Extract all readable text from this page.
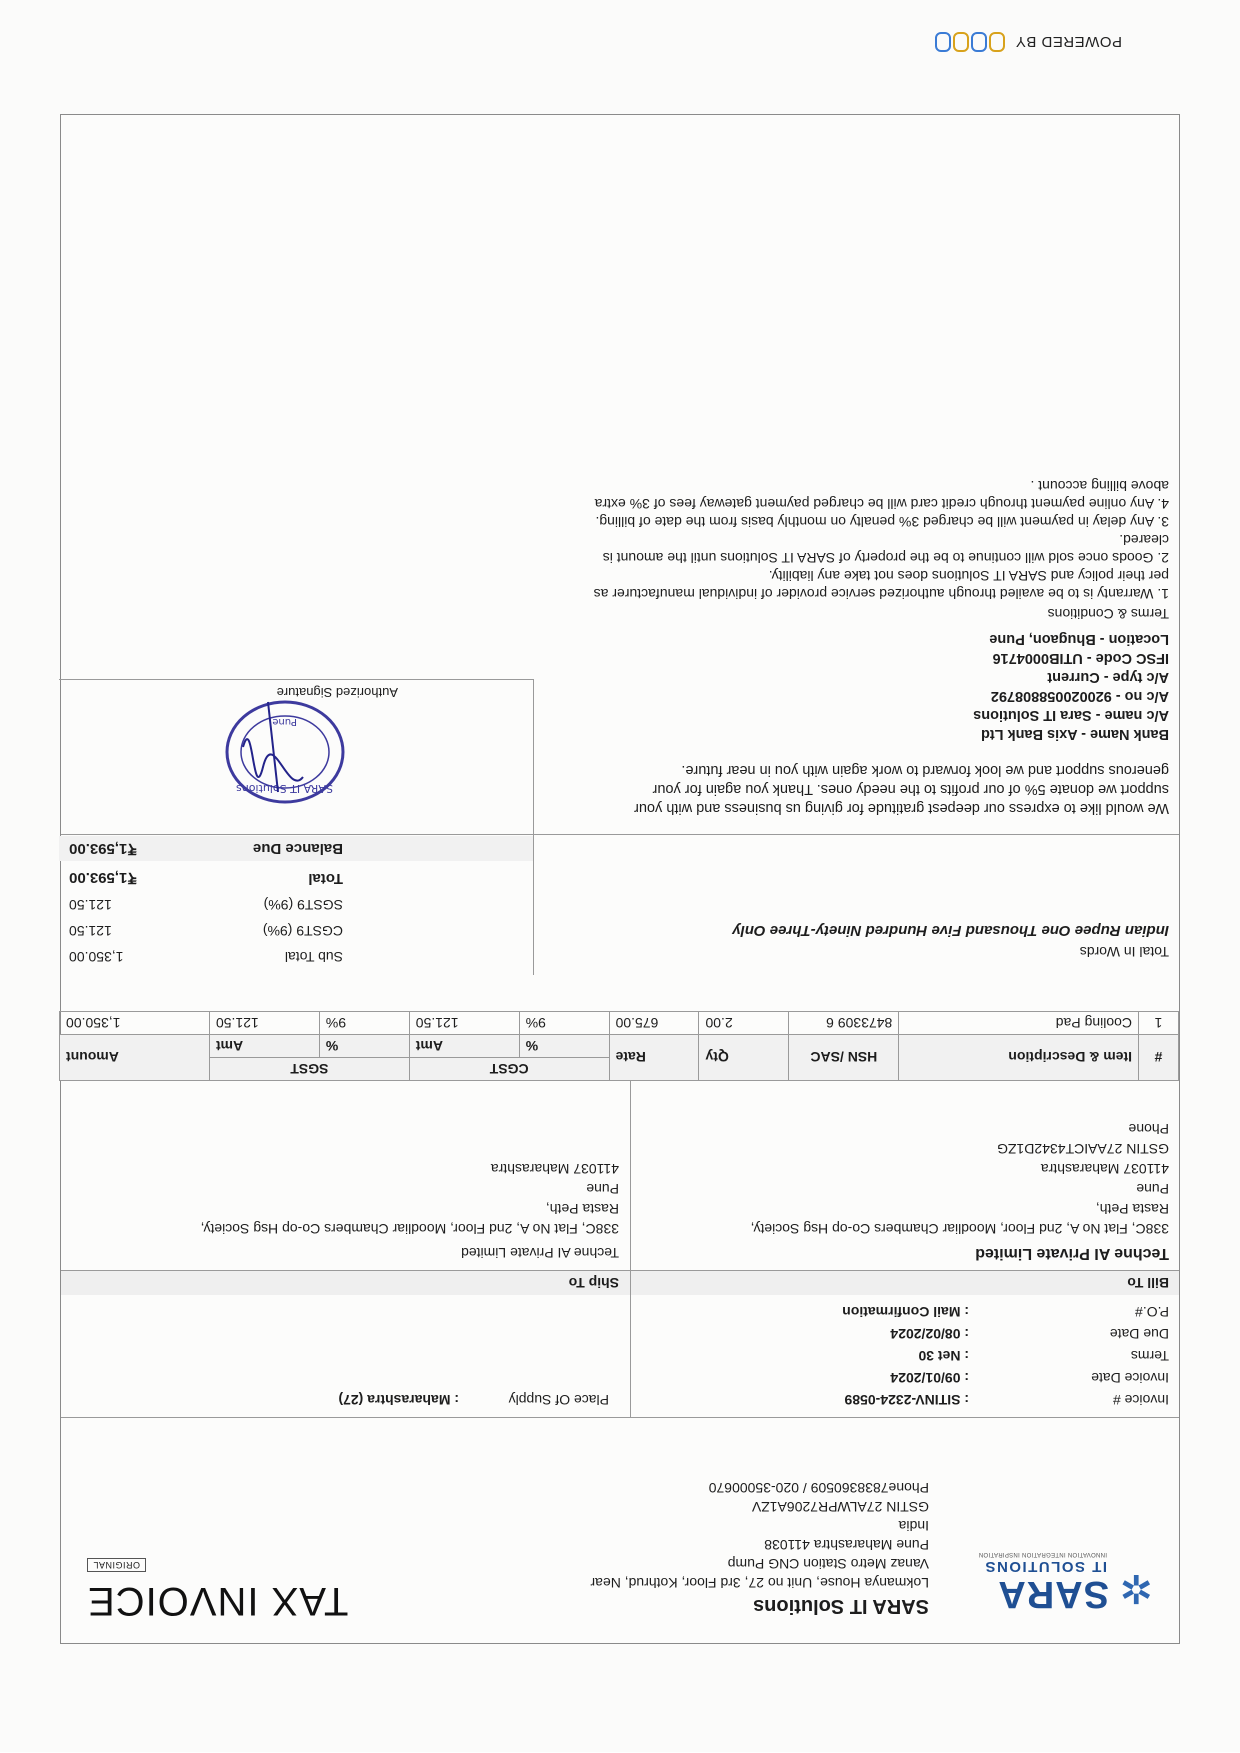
POWERED BY
✲
SARA
IT SOLUTIONS
INNOVATION INTEGRATION INSPIRATION
SARA IT Solutions
Lokmanya House, Unit no 27, 3rd Floor, Kothrud, Near
Vanaz Metro Station CNG Pump
Pune Maharashtra 411038
India
GSTIN 27ALWPR7206A1ZV
Phone7838360509 / 020-35000670
TAX INVOICE
ORIGINAL
Invoice #
: SITINV-2324-0589
Invoice Date
: 09/01/2024
Terms
: Net 30
Due Date
: 08/02/2024
P.O.#
: Mail Confirmation
Place Of Supply
: Maharashtra (27)
Bill To
Ship To
Techne AI Private Limited
338C, Flat No A, 2nd Floor, Moodliar Chambers Co-op Hsg Society,
Rasta Peth,
Pune
411037 Maharashtra
GSTIN 27AAICT4342D1ZG
Phone
Techne AI Private Limited
338C, Flat No A, 2nd Floor, Moodliar Chambers Co-op Hsg Society,
Rasta Peth,
Pune
411037 Maharashtra
#	Item & Description	HSN /SAC	Qty	Rate	CGST		SGST		Amount
					%	Amt	%	Amt	
1	Cooling Pad	8473309 6	2.00	675.00	9%	121.50	9%	121.50	1,350.00
Total In Words
Indian Rupee One Thousand Five Hundred Ninety-Three Only
Sub Total
1,350.00
CGST9 (9%)
121.50
SGST9 (9%)
121.50
Total
₹1,593.00
Balance Due
₹1,593.00
We would like to express our deepest gratitude for giving us business and with your support we donate 5% of our profits to the needy ones. Thank you again for your generous support and we look forward to work again with you in near future.
Bank Name - Axis Bank Ltd
A/c name - Sara IT Solutions
A/c no - 920020058808792
A/c type - Current
IFSC Code - UTIB0004716
Location - Bhugaon, Pune
SARA IT Solutions
Pune
Authorized Signature
Terms & Conditions
1. Warranty is to be availed through authorized service provider of individual manufacturer as per their policy and SARA IT Solutions does not take any liability.
2. Goods once sold will continue to be the property of SARA IT Solutions until the amount is cleared.
3. Any delay in payment will be charged 3% penalty on monthly basis from the date of billing.
4. Any online payment through credit card will be charged payment gateway fees of 3% extra above billing account .
